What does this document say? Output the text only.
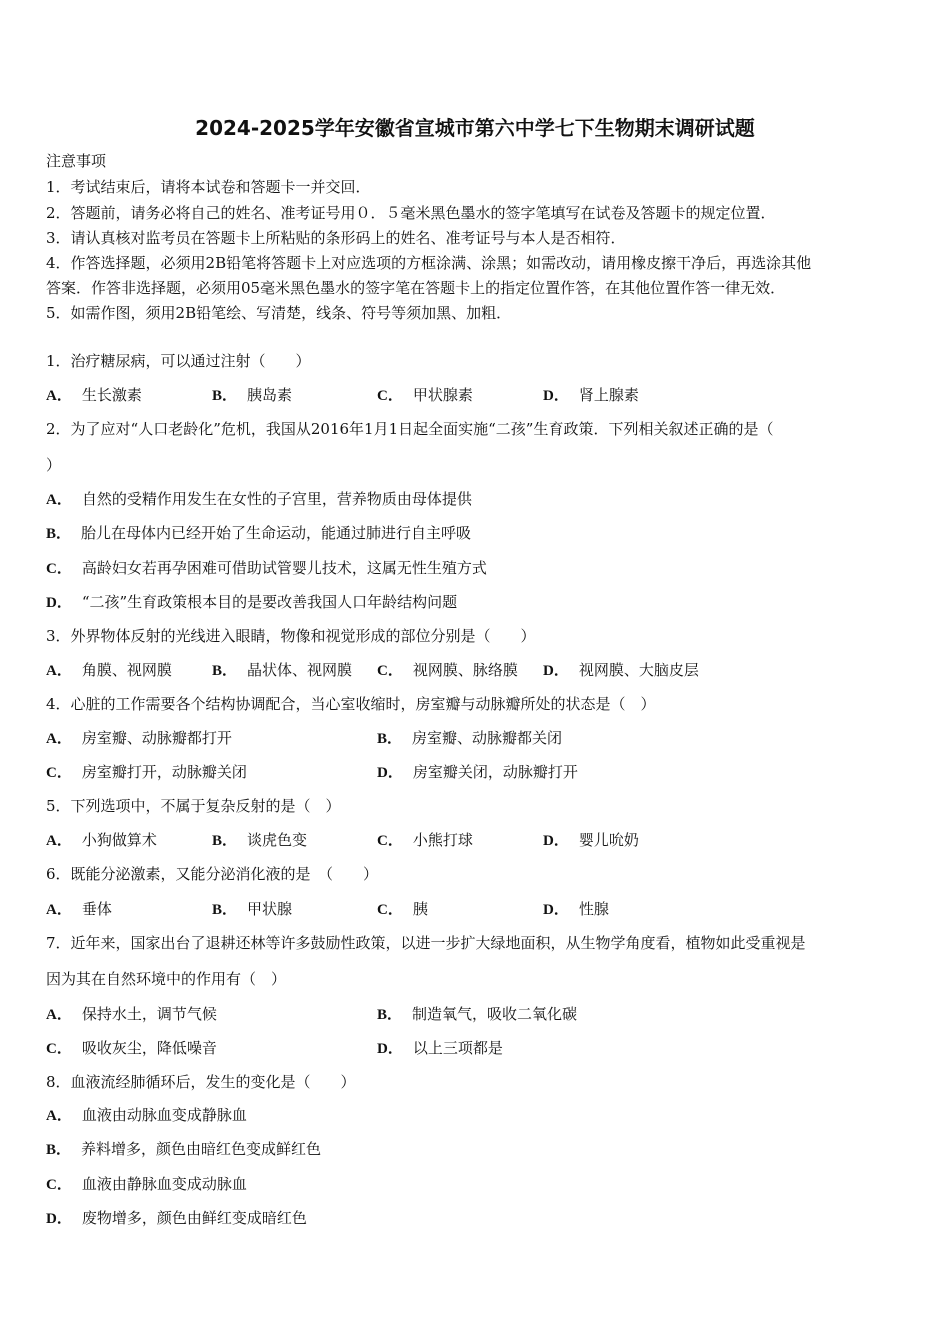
2024-2025学年安徽省宣城市第六中学七下生物期末调研试题
注意事项
1．考试结束后，请将本试卷和答题卡一并交回．
2．答题前，请务必将自己的姓名、准考证号用０．５毫米黑色墨水的签字笔填写在试卷及答题卡的规定位置．
3．请认真核对监考员在答题卡上所粘贴的条形码上的姓名、准考证号与本人是否相符．
4．作答选择题，必须用2B铅笔将答题卡上对应选项的方框涂满、涂黑；如需改动，请用橡皮擦干净后，再选涂其他
答案．作答非选择题，必须用05毫米黑色墨水的签字笔在答题卡上的指定位置作答，在其他位置作答一律无效．
5．如需作图，须用2B铅笔绘、写清楚，线条、符号等须加黑、加粗．
1．治疗糖尿病，可以通过注射（　　）
A． 生长激素	B． 胰岛素	C． 甲状腺素	D． 肾上腺素
2．为了应对“人口老龄化”危机，我国从2016年1月1日起全面实施“二孩”生育政策．下列相关叙述正确的是（
）
A． 自然的受精作用发生在女性的子宫里，营养物质由母体提供
B． 胎儿在母体内已经开始了生命运动，能通过肺进行自主呼吸
C． 高龄妇女若再孕困难可借助试管婴儿技术，这属无性生殖方式
D． “二孩”生育政策根本目的是要改善我国人口年龄结构问题
3．外界物体反射的光线进入眼睛，物像和视觉形成的部位分别是（　　）
A． 角膜、视网膜	B． 晶状体、视网膜 C． 视网膜、脉络膜 D． 视网膜、大脑皮层
4．心脏的工作需要各个结构协调配合，当心室收缩时，房室瓣与动脉瓣所处的状态是（　）
A． 房室瓣、动脉瓣都打开	B． 房室瓣、动脉瓣都关闭
C． 房室瓣打开，动脉瓣关闭	D． 房室瓣关闭，动脉瓣打开
5．下列选项中，不属于复杂反射的是（　）
A． 小狗做算术	B． 谈虎色变	C． 小熊打球	D． 婴儿吮奶
6．既能分泌激素，又能分泌消化液的是　（　　）
A． 垂体	B． 甲状腺	C． 胰	D． 性腺
7．近年来，国家出台了退耕还林等许多鼓励性政策，以进一步扩大绿地面积，从生物学角度看，植物如此受重视是
因为其在自然环境中的作用有（　）
A． 保持水土，调节气候	B． 制造氧气，吸收二氧化碳
C． 吸收灰尘，降低噪音	D． 以上三项都是
8．血液流经肺循环后，发生的变化是（　　）
A． 血液由动脉血变成静脉血
B． 养料增多，颜色由暗红色变成鲜红色
C． 血液由静脉血变成动脉血
D． 废物增多，颜色由鲜红变成暗红色
